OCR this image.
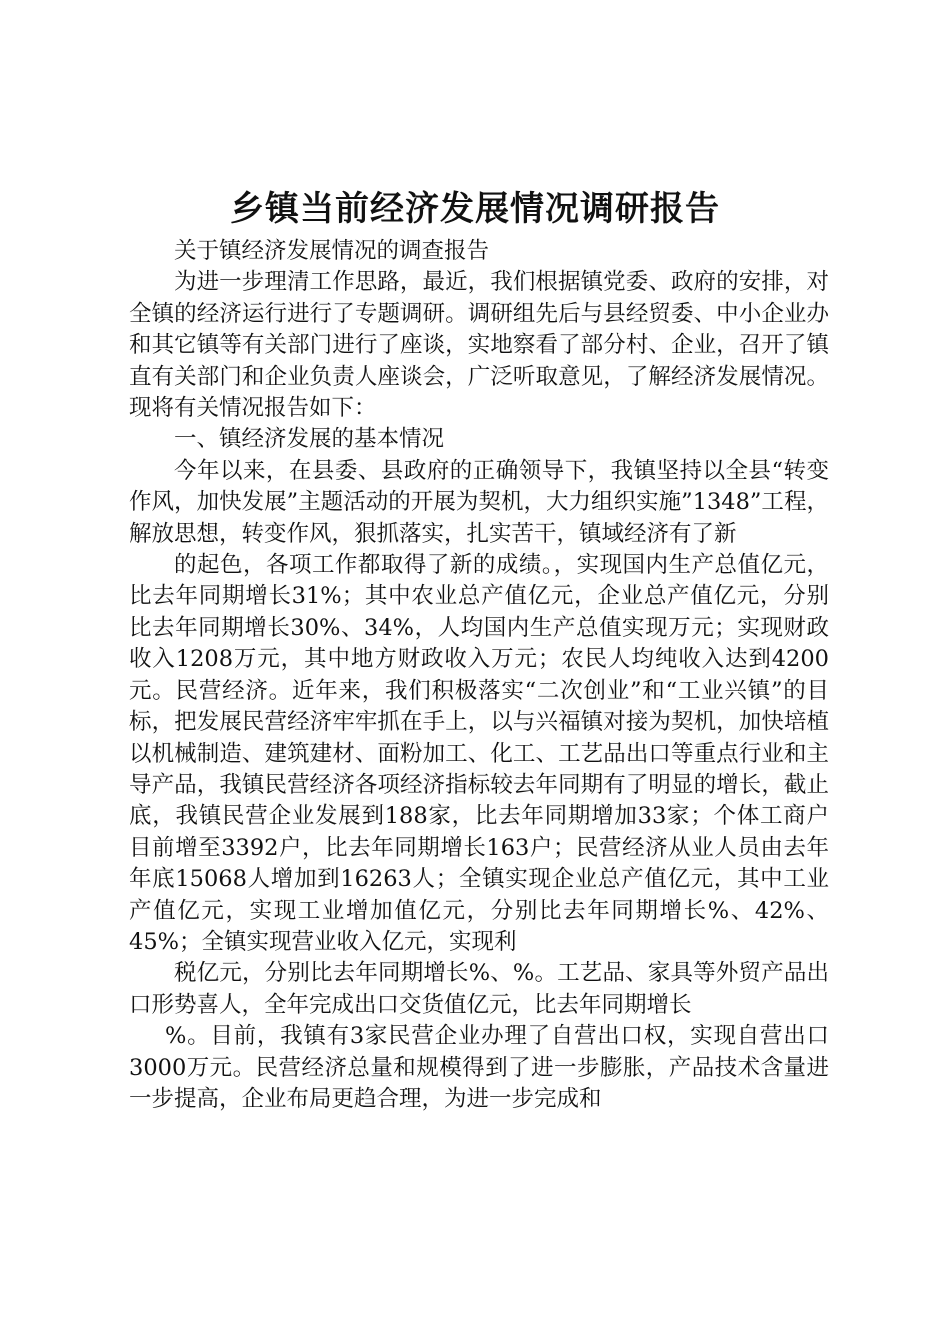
乡镇当前经济发展情况调研报告

关于镇经济发展情况的调查报告

为进一步理清工作思路，最近，我们根据镇党委、政府的安排，对全镇的经济运行进行了专题调研。调研组先后与县经贸委、中小企业办和其它镇等有关部门进行了座谈，实地察看了部分村、企业，召开了镇直有关部门和企业负责人座谈会，广泛听取意见，了解经济发展情况。现将有关情况报告如下：

一、镇经济发展的基本情况

今年以来，在县委、县政府的正确领导下，我镇坚持以全县“转变作风，加快发展”主题活动的开展为契机，大力组织实施”1348”工程，解放思想，转变作风，狠抓落实，扎实苦干，镇域经济有了新

的起色，各项工作都取得了新的成绩。，实现国内生产总值亿元，比去年同期增长31%；其中农业总产值亿元，企业总产值亿元，分别比去年同期增长30%、34%，人均国内生产总值实现万元；实现财政收入1208万元，其中地方财政收入万元；农民人均纯收入达到4200元。民营经济。近年来，我们积极落实“二次创业”和“工业兴镇”的目标，把发展民营经济牢牢抓在手上，以与兴福镇对接为契机，加快培植以机械制造、建筑建材、面粉加工、化工、工艺品出口等重点行业和主导产品，我镇民营经济各项经济指标较去年同期有了明显的增长，截止底，我镇民营企业发展到188家，比去年同期增加33家；个体工商户目前增至3392户，比去年同期增长163户；民营经济从业人员由去年年底15068人增加到16263人；全镇实现企业总产值亿元，其中工业产值亿元，实现工业增加值亿元，分别比去年同期增长%、42%、45%；全镇实现营业收入亿元，实现利

税亿元，分别比去年同期增长%、%。工艺品、家具等外贸产品出口形势喜人，全年完成出口交货值亿元，比去年同期增长

%。目前，我镇有3家民营企业办理了自营出口权，实现自营出口3000万元。民营经济总量和规模得到了进一步膨胀，产品技术含量进一步提高，企业布局更趋合理，为进一步完成和
